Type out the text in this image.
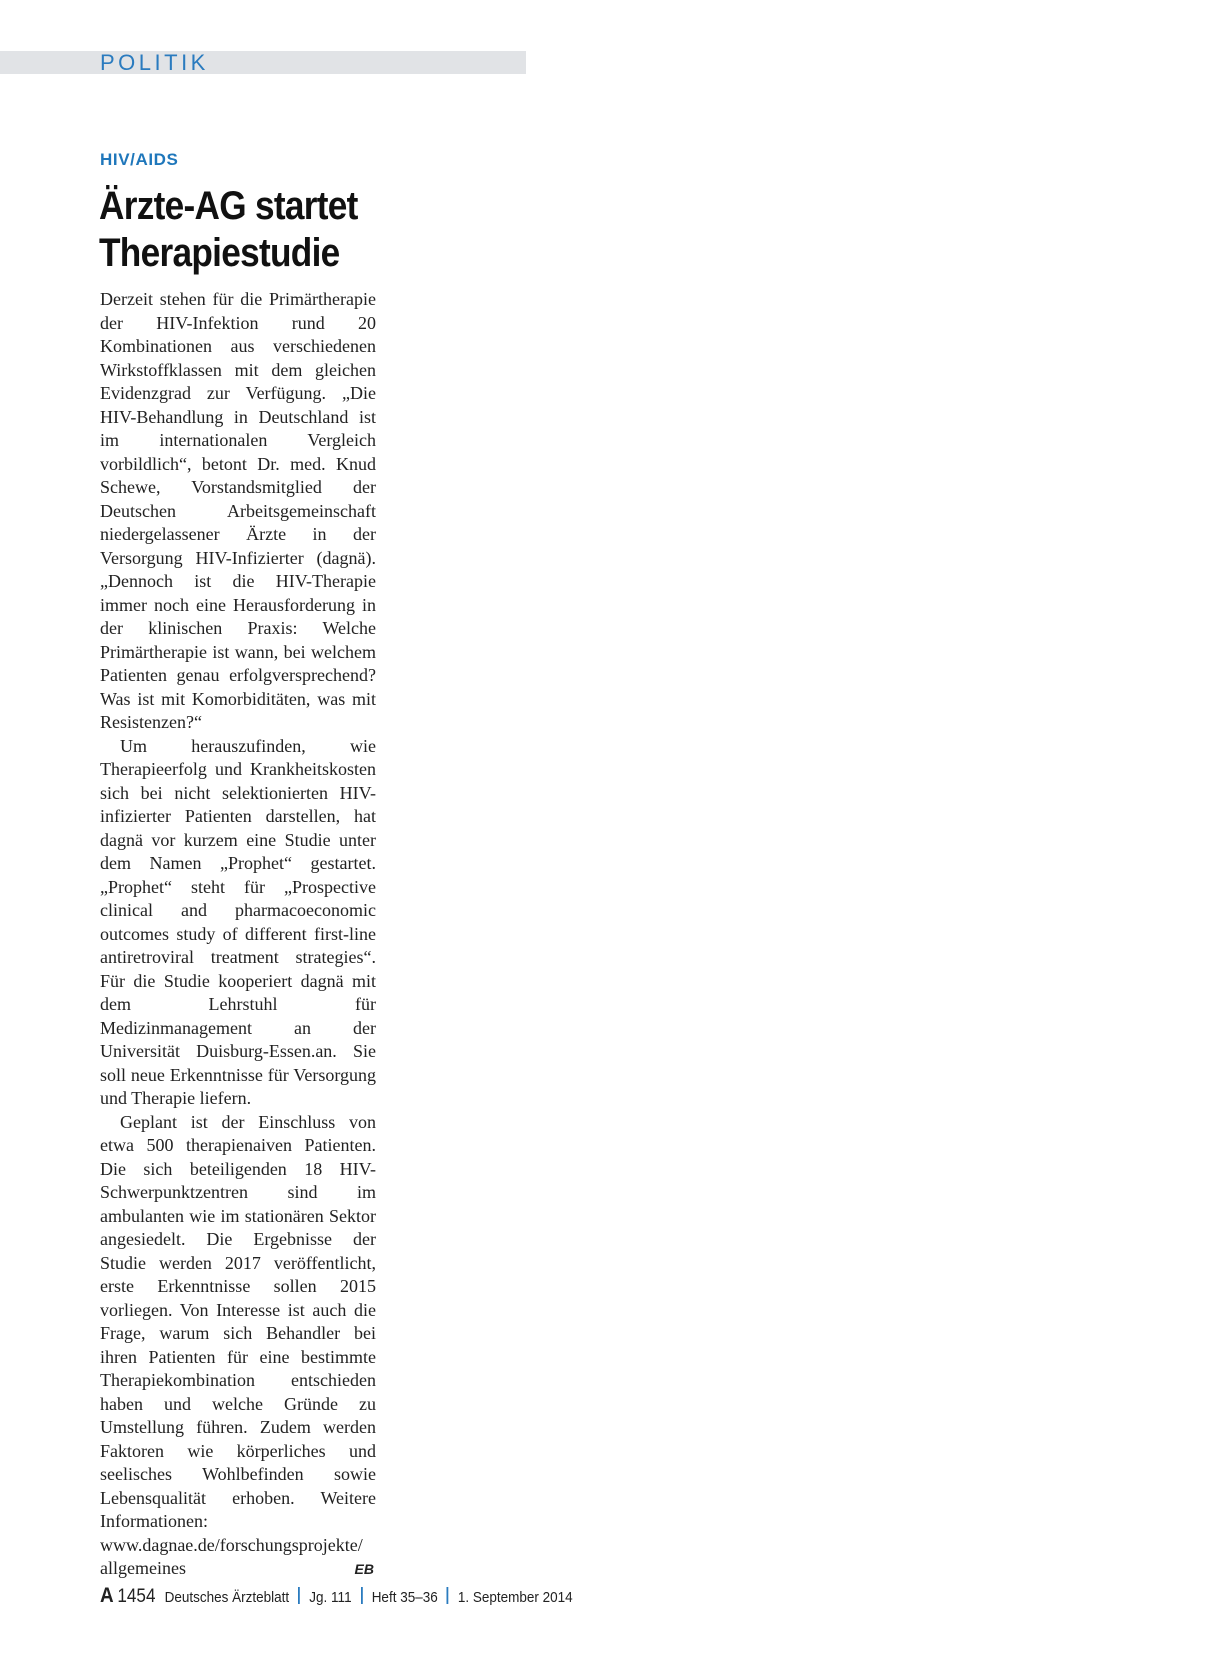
POLITIK
HIV/AIDS
Ärzte-AG startet
Therapiestudie

Derzeit stehen für die Primärtherapie der HIV-Infektion rund 20 Kombinationen aus verschiedenen Wirkstoffklassen mit dem gleichen Evidenzgrad zur Verfügung. „Die HIV-Behandlung in Deutschland ist im internationalen Vergleich vorbildlich“, betont Dr. med. Knud Schewe, Vorstandsmitglied der Deutschen Arbeitsgemeinschaft niedergelassener Ärzte in der Versorgung HIV-Infizierter (dagnä). „Dennoch ist die HIV-Therapie immer noch eine Herausforderung in der klinischen Praxis: Welche Primärtherapie ist wann, bei welchem Patienten genau erfolgversprechend? Was ist mit Komorbiditäten, was mit Resistenzen?“

Um herauszufinden, wie Therapieerfolg und Krankheitskosten sich bei nicht selektionierten HIV-infizierter Patienten darstellen, hat dagnä vor kurzem eine Studie unter dem Namen „Prophet“ gestartet. „Prophet“ steht für „Prospective clinical and pharmacoeconomic outcomes study of different first-line antiretroviral treatment strategies“. Für die Studie kooperiert dagnä mit dem Lehrstuhl für Medizinmanagement an der Universität Duisburg-Essen.an. Sie soll neue Erkenntnisse für Versorgung und Therapie liefern.

Geplant ist der Einschluss von etwa 500 therapienaiven Patienten. Die sich beteiligenden 18 HIV-Schwerpunktzentren sind im ambulanten wie im stationären Sektor angesiedelt. Die Ergebnisse der Studie werden 2017 veröffentlicht, erste Erkenntnisse sollen 2015 vorliegen. Von Interesse ist auch die Frage, warum sich Behandler bei ihren Patienten für eine bestimmte Therapiekombination entschieden haben und welche Gründe zu Umstellung führen. Zudem werden Faktoren wie körperliches und seelisches Wohlbefinden sowie Lebensqualität erhoben. Weitere Informationen: www.dagnae.de/forschungsprojekte/

allgemeines	EB
A 1454 Deutsches Ärzteblatt Jg. 111 Heft 35–36 1. September 2014
